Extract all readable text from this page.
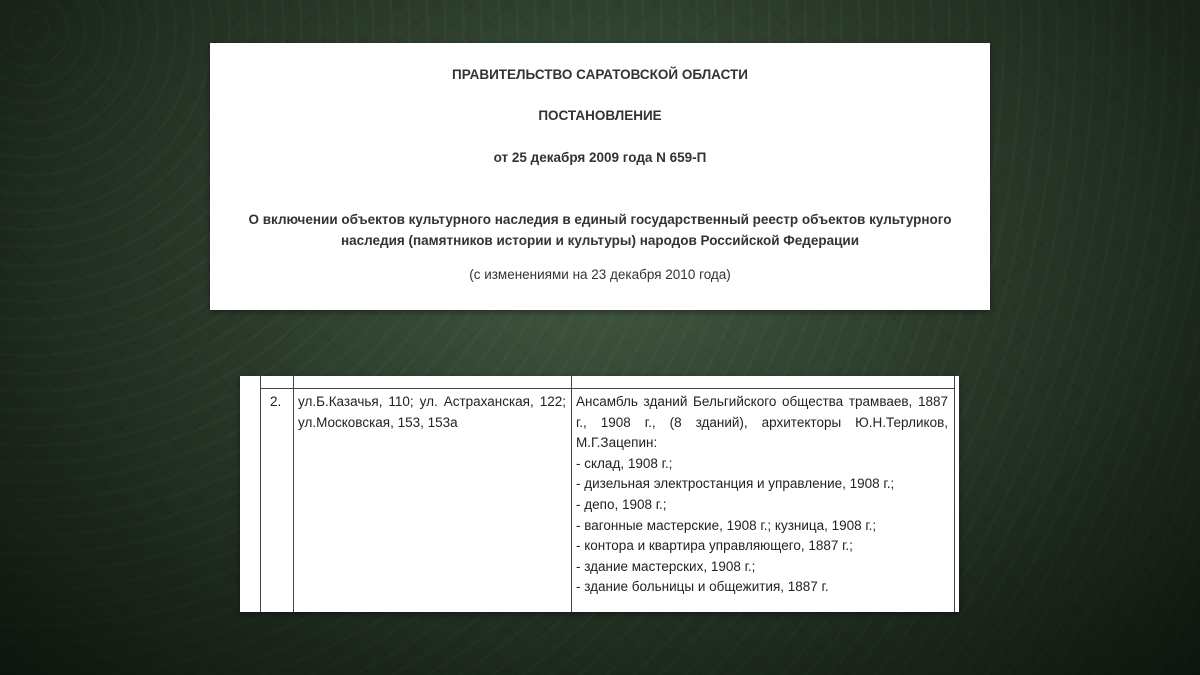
ПРАВИТЕЛЬСТВО САРАТОВСКОЙ ОБЛАСТИ
ПОСТАНОВЛЕНИЕ
от 25 декабря 2009 года N 659-П
О включении объектов культурного наследия в единый государственный реестр объектов культурного наследия (памятников истории и культуры) народов Российской Федерации
(с изменениями на 23 декабря 2010 года)
2. ул.Б.Казачья, 110; ул. Астраханская, 122; ул.Московская, 153, 153а
Ансамбль зданий Бельгийского общества трамваев, 1887 г., 1908 г., (8 зданий), архитекторы Ю.Н.Терликов, М.Г.Зацепин:
- склад, 1908 г.;
- дизельная электростанция и управление, 1908 г.;
- депо, 1908 г.;
- вагонные мастерские, 1908 г.; кузница, 1908 г.;
- контора и квартира управляющего, 1887 г.;
- здание мастерских, 1908 г.;
- здание больницы и общежития, 1887 г.
